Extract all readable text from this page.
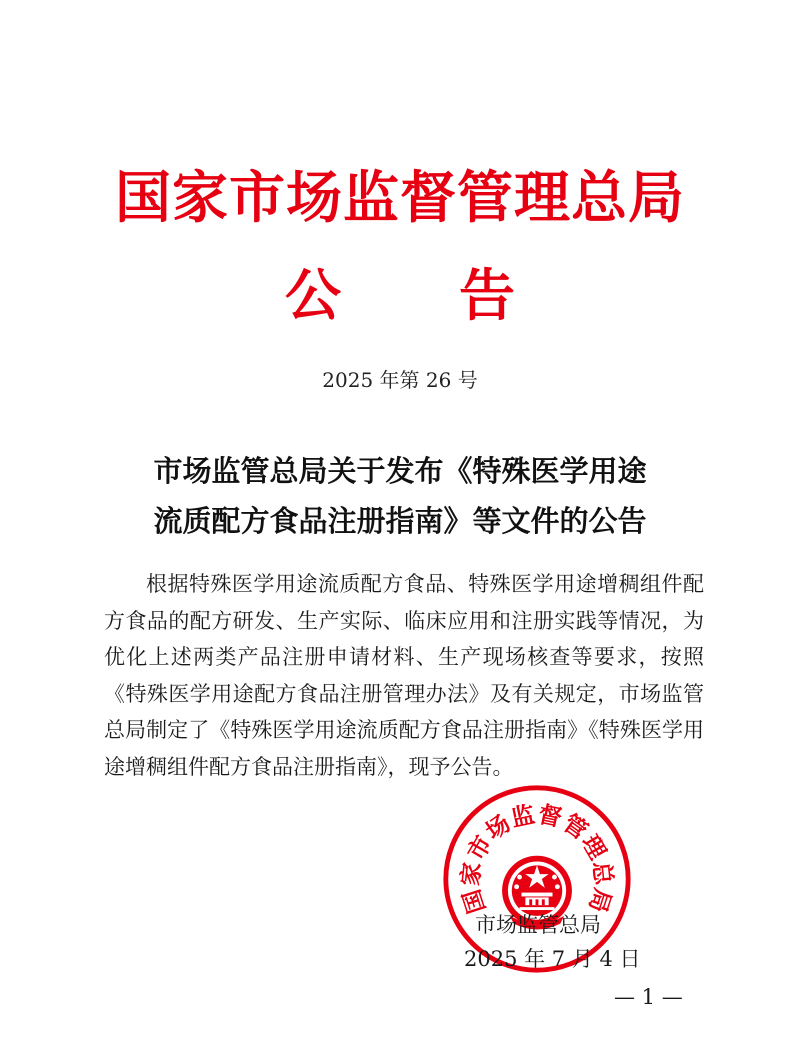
国家市场监督管理总局
公 告
2025 年第 26 号
市场监管总局关于发布《特殊医学用途
流质配方食品注册指南》等文件的公告
根据特殊医学用途流质配方食品、特殊医学用途增稠组件配方食品的配方研发、生产实际、临床应用和注册实践等情况，为优化上述两类产品注册申请材料、生产现场核查等要求，按照《特殊医学用途配方食品注册管理办法》及有关规定，市场监管总局制定了《特殊医学用途流质配方食品注册指南》《特殊医学用途增稠组件配方食品注册指南》，现予公告。
国家市场监督管理总局
市场监管总局
2025 年 7 月 4 日
— 1 —
